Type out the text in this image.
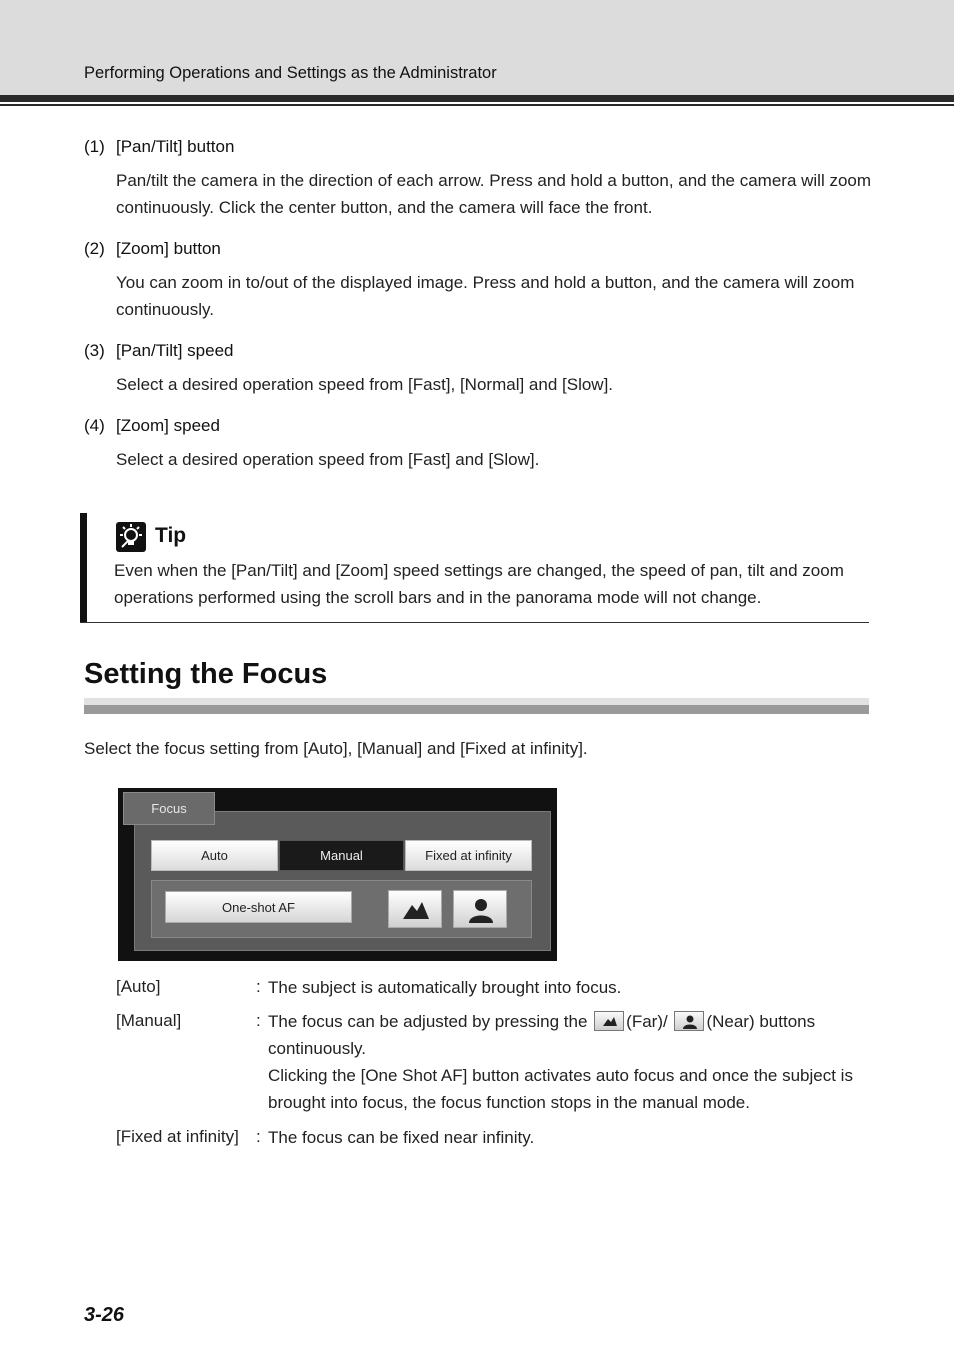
Performing Operations and Settings as the Administrator
(1) [Pan/Tilt] button
Pan/tilt the camera in the direction of each arrow. Press and hold a button, and the camera will zoom continuously. Click the center button, and the camera will face the front.
(2) [Zoom] button
You can zoom in to/out of the displayed image. Press and hold a button, and the camera will zoom continuously.
(3) [Pan/Tilt] speed
Select a desired operation speed from [Fast], [Normal] and [Slow].
(4) [Zoom] speed
Select a desired operation speed from [Fast] and [Slow].
Tip
Even when the [Pan/Tilt] and [Zoom] speed settings are changed, the speed of pan, tilt and zoom operations performed using the scroll bars and in the panorama mode will not change.
Setting the Focus
Select the focus setting from [Auto], [Manual] and [Fixed at infinity].
Focus
Auto	Manual	Fixed at infinity
One-shot AF
[Auto]	: The subject is automatically brought into focus.
[Manual]	: The focus can be adjusted by pressing the (Far)/ (Near) buttons continuously.
Clicking the [One Shot AF] button activates auto focus and once the subject is brought into focus, the focus function stops in the manual mode.
[Fixed at infinity] : The focus can be fixed near infinity.
3-26
